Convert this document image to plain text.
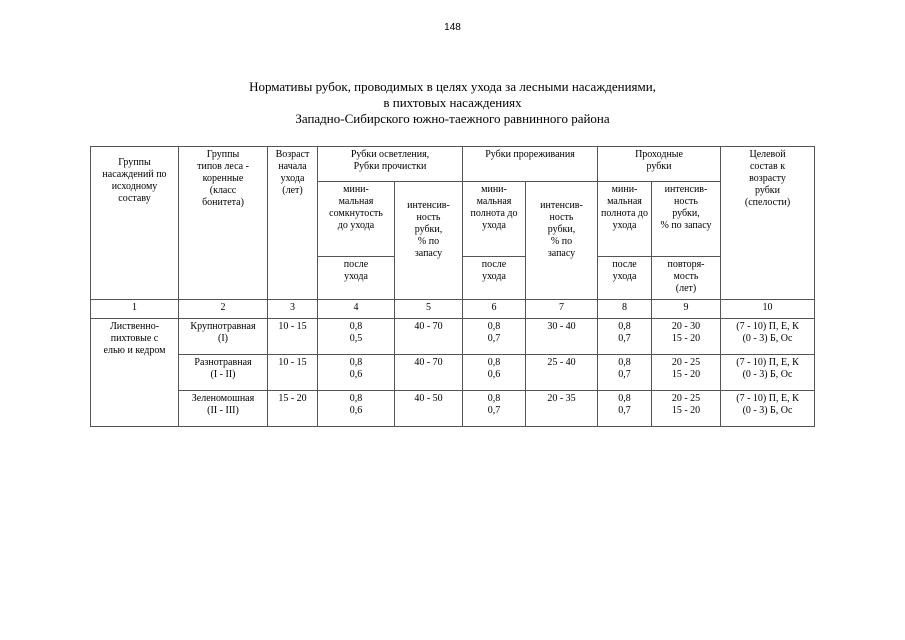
148
Нормативы рубок, проводимых в целях ухода за лесными насаждениями,
в пихтовых насаждениях
Западно-Сибирского южно-таежного равнинного района
Группы
насаждений по
исходному
составу	Группы
типов леса -
коренные
(класс
бонитета)	Возраст
начала
ухода
(лет)	Рубки осветления,
Рубки прочистки		Рубки прореживания		Проходные
рубки		Целевой
состав к
возрасту
рубки
(спелости)
			мини-
мальная
сомкнутость
до ухода	интенсив-
ность
рубки,
% по
запасу	мини-
мальная
полнота до
ухода	интенсив-
ность
рубки,
% по
запасу	мини-
мальная
полнота до
ухода	интенсив-
ность
рубки,
% по запасу	
			после
ухода		после
ухода		после
ухода	повторя-
мость
(лет)	
1	2	3	4	5	6	7	8	9	10
Лиственно-
пихтовые с
елью и кедром	Крупнотравная
(I)	10 - 15	0,8
0,5	40 - 70	0,8
0,7	30 - 40	0,8
0,7	20 - 30
15 - 20	(7 - 10) П, Е, К
(0 - 3) Б, Ос
	Разнотравная
(I - II)	10 - 15	0,8
0,6	40 - 70	0,8
0,6	25 - 40	0,8
0,7	20 - 25
15 - 20	(7 - 10) П, Е, К
(0 - 3) Б, Ос
	Зеленомошная
(II - III)	15 - 20	0,8
0,6	40 - 50	0,8
0,7	20 - 35	0,8
0,7	20 - 25
15 - 20	(7 - 10) П, Е, К
(0 - 3) Б, Ос
